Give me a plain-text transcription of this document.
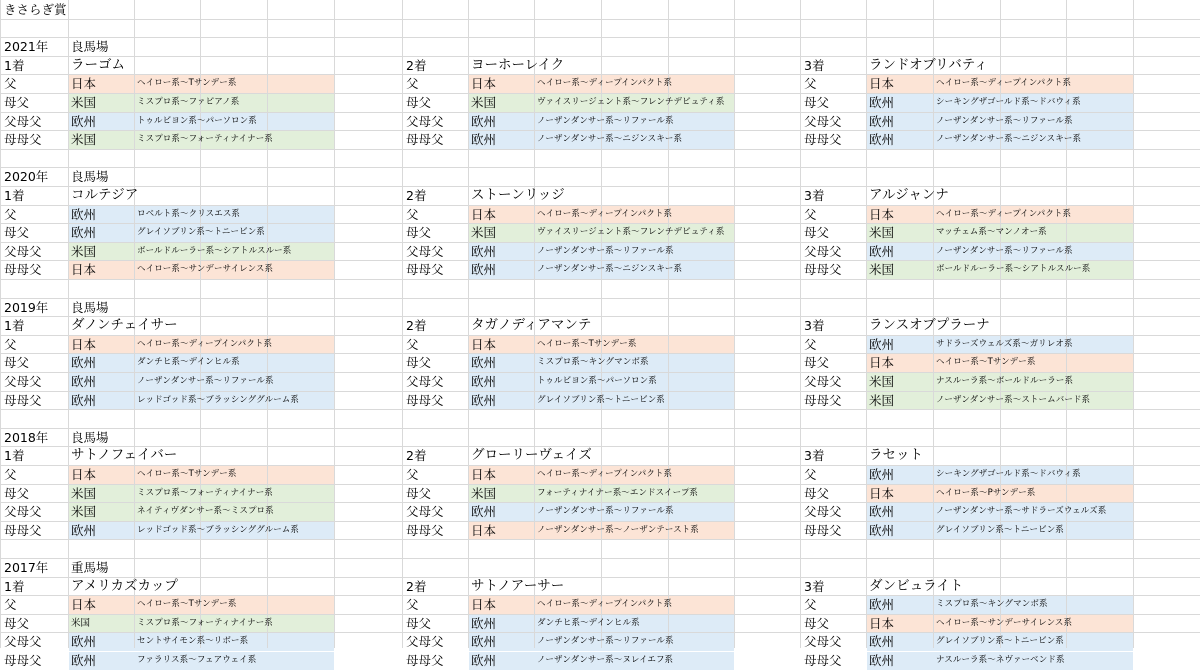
きさらぎ賞
2021年 良馬場
1着	ラーゴム
父	日本	ヘイロー系〜Tサンデー系
母父	米国	ミスプロ系〜ファピアノ系
父母父 欧州	トゥルビヨン系〜パーソロン系
母母父 米国	ミスプロ系〜フォーティナイナー系
2着	ヨーホーレイク
父	日本	ヘイロー系〜ディープインパクト系
母父	米国	ヴァイスリージェント系〜フレンチデピュティ系
父母父 欧州	ノーザンダンサー系〜リファール系
母母父 欧州	ノーザンダンサー系〜ニジンスキー系
3着	ランドオブリバティ
父	日本	ヘイロー系〜ディープインパクト系
母父	欧州	シーキングザゴールド系〜ドバウィ系
父母父 欧州	ノーザンダンサー系〜リファール系
母母父 欧州	ノーザンダンサー系〜ニジンスキー系
2020年 良馬場
1着	コルテジア
父	欧州	ロベルト系〜クリスエス系
母父	欧州	グレイソブリン系〜トニービン系
父母父 米国	ボールドルーラー系〜シアトルスルー系
母母父 日本	ヘイロー系〜サンデーサイレンス系
2着	ストーンリッジ
父	日本	ヘイロー系〜ディープインパクト系
母父	米国	ヴァイスリージェント系〜フレンチデピュティ系
父母父 欧州	ノーザンダンサー系〜リファール系
母母父 欧州	ノーザンダンサー系〜ニジンスキー系
3着	アルジャンナ
父	日本	ヘイロー系〜ディープインパクト系
母父	米国	マッチェム系〜マンノオー系
父母父 欧州	ノーザンダンサー系〜リファール系
母母父 米国	ボールドルーラー系〜シアトルスルー系
2019年 良馬場
1着	ダノンチェイサー
父	日本	ヘイロー系〜ディープインパクト系
母父	欧州	ダンチヒ系〜デインヒル系
父母父 欧州	ノーザンダンサー系〜リファール系
母母父 欧州	レッドゴッド系〜ブラッシンググルーム系
2着	タガノディアマンテ
父	日本	ヘイロー系〜Tサンデー系
母父	欧州	ミスプロ系〜キングマンボ系
父母父 欧州	トゥルビヨン系〜パーソロン系
母母父 欧州	グレイソブリン系〜トニービン系
3着	ランスオブプラーナ
父	欧州	サドラーズウェルズ系〜ガリレオ系
母父	日本	ヘイロー系〜Tサンデー系
父母父 米国	ナスルーラ系〜ボールドルーラー系
母母父 米国	ノーザンダンサー系〜ストームバード系
2018年 良馬場
1着	サトノフェイバー
父	日本	ヘイロー系〜Tサンデー系
母父	米国	ミスプロ系〜フォーティナイナー系
父母父 米国	ネイティヴダンサー系〜ミスプロ系
母母父 欧州	レッドゴッド系〜ブラッシンググルーム系
2着	グローリーヴェイズ
父	日本	ヘイロー系〜ディープインパクト系
母父	米国	フォーティナイナー系〜エンドスイープ系
父母父 欧州	ノーザンダンサー系〜リファール系
母母父 日本	ノーザンダンサー系〜ノーザンテースト系
3着	ラセット
父	欧州	シーキングザゴールド系〜ドバウィ系
母父	日本	ヘイロー系〜Pサンデー系
父母父 欧州	ノーザンダンサー系〜サドラーズウェルズ系
母母父 欧州	グレイソブリン系〜トニービン系
2017年 重馬場
1着	アメリカズカップ
父	日本	ヘイロー系〜Tサンデー系
母父	米国	ミスプロ系〜フォーティナイナー系
父母父 欧州	セントサイモン系〜リボー系
母母父 欧州	ファラリス系〜フェアウェイ系
2着	サトノアーサー
父	日本	ヘイロー系〜ディープインパクト系
母父	欧州	ダンチヒ系〜デインヒル系
父母父 欧州	ノーザンダンサー系〜リファール系
母母父 欧州	ノーザンダンサー系〜ヌレイエフ系
3着	ダンビュライト
父	欧州	ミスプロ系〜キングマンボ系
母父	日本	ヘイロー系〜サンデーサイレンス系
父母父 欧州	グレイソブリン系〜トニービン系
母母父 欧州	ナスルーラ系〜ネヴァーベンド系
